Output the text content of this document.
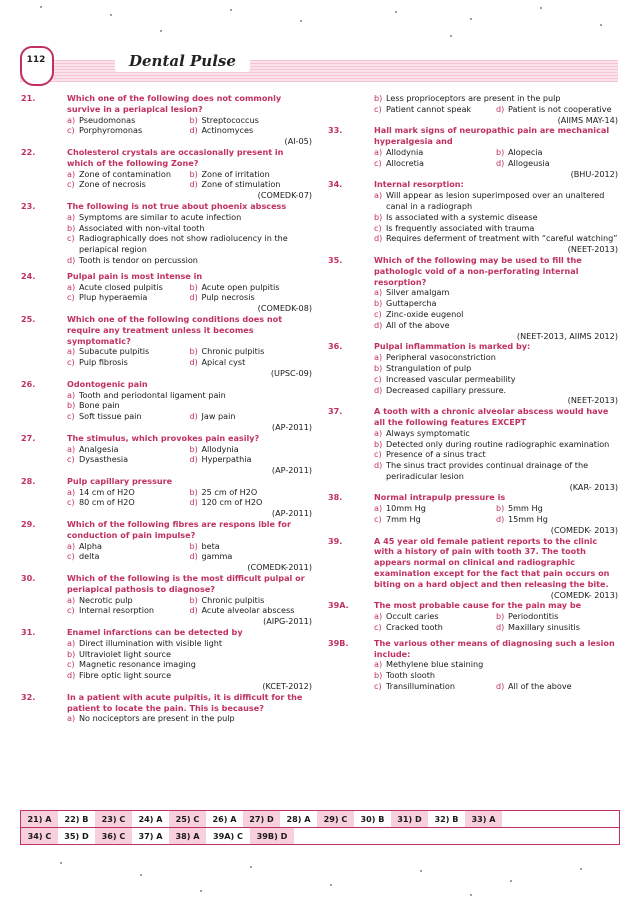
112	Dental Pulse
21.	Which one of the following does not commonly survive in a periapical lesion?
a) Pseudomonas	b) Streptococcus
c) Porphyromonas	d) Actinomyces
(AI-05)
22.	Cholesterol crystals are occasionally present in which of the following Zone?
a) Zone of contamination	b) Zone of irritation
c) Zone of necrosis	d) Zone of stimulation
(COMEDK-07)
23.	The following is not true about phoenix abscess
a) Symptoms are similar to acute infection
b) Associated with non-vital tooth
c) Radiographically does not show radiolucency in the periapical region
d) Tooth is tendor on percussion
24.	Pulpal pain is most intense in
a) Acute closed pulpitis	b) Acute open pulpitis
c) Plup hyperaemia	d) Pulp necrosis
(COMEDK-08)
25.	Which one of the following conditions does not require any treatment unless it becomes symptomatic?
a) Subacute pulpitis	b) Chronic pulpitis
c) Pulp fibrosis	d) Apical cyst
(UPSC-09)
26.	Odontogenic pain
a) Tooth and periodontal ligament pain
b) Bone pain
c) Soft tissue pain	d) Jaw pain
(AP-2011)
27.	The stimulus, which provokes pain easily?
a) Analgesia	b) Allodynia
c) Dysasthesia	d) Hyperpathia
(AP-2011)
28.	Pulp capillary pressure
a) 14 cm of H2O	b) 25 cm of H2O
c) 80 cm of H2O	d) 120 cm of H2O
(AP-2011)
29.	Which of the following fibres are respons ible for conduction of pain impulse?
a) Alpha	b) beta
c) delta	d) gamma
(COMEDK-2011)
30.	Which of the following is the most difficult pulpal or periapical pathosis to diagnose?
a) Necrotic pulp	b) Chronic pulpitis
c) Internal resorption	d) Acute alveolar abscess
(AIPG-2011)
31.	Enamel infarctions can be detected by
a) Direct illumination with visible light
b) Ultraviolet light source
c) Magnetic resonance imaging
d) Fibre optic light source
(KCET-2012)
32.	In a patient with acute pulpitis, it is difficult for the patient to locate the pain. This is because?
a) No nociceptors are present in the pulp
b) Less proprioceptors are present in the pulp
c) Patient cannot speak	d) Patient is not cooperative
(AIIMS MAY-14)
33.	Hall mark signs of neuropathic pain are mechanical hyperalgesia and
a) Allodynia	b) Alopecia
c) Allocretia	d) Allogeusia
(BHU-2012)
34.	Internal resorption:
a) Will appear as lesion superimposed over an unaltered canal in a radiograph
b) Is associated with a systemic disease
c) Is frequently associated with trauma
d) Requires deferment of treatment with “careful watching”
(NEET-2013)
35.	Which of the following may be used to fill the pathologic void of a non-perforating internal resorption?
a) Silver amalgam
b) Guttapercha
c) Zinc-oxide eugenol
d) All of the above
(NEET-2013, AIIMS 2012)
36.	Pulpal inflammation is marked by:
a) Peripheral vasoconstriction
b) Strangulation of pulp
c) Increased vascular permeability
d) Decreased capillary pressure.
(NEET-2013)
37.	A tooth with a chronic alveolar abscess would have all the following features EXCEPT
a) Always symptomatic
b) Detected only during routine radiographic examination
c) Presence of a sinus tract
d) The sinus tract provides continual drainage of the periradicular lesion
(KAR- 2013)
38.	Normal intrapulp pressure is
a) 10mm Hg	b) 5mm Hg
c) 7mm Hg	d) 15mm Hg
(COMEDK- 2013)
39.	A 45 year old female patient reports to the clinic with a history of pain with tooth 37. The tooth appears normal on clinical and radiographic examination except for the fact that pain occurs on biting on a hard object and then releasing the bite.
(COMEDK- 2013)
39A.	The most probable cause for the pain may be
a) Occult caries	b) Periodontitis
c) Cracked tooth	d) Maxillary sinusitis
39B.	The various other means of diagnosing such a lesion include:
a) Methylene blue staining
b) Tooth slooth
c) Transillumination	d) All of the above
21) A	22) B	23) C	24) A	25) C	26) A	27) D	28) A	29) C	30) B	31) D	32) B	33) A
34) C	35) D	36) C	37) A	38) A	39A) C	39B) D
